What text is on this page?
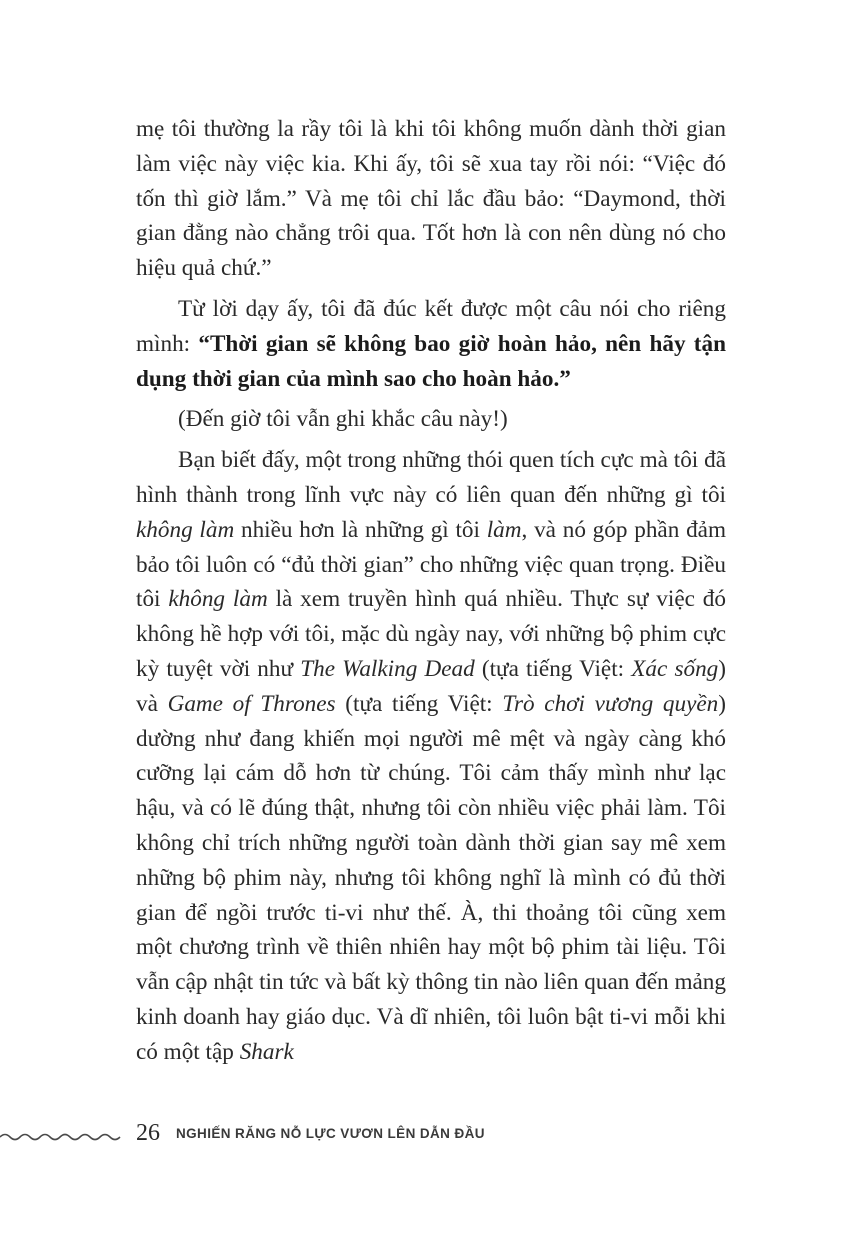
mẹ tôi thường la rầy tôi là khi tôi không muốn dành thời gian làm việc này việc kia. Khi ấy, tôi sẽ xua tay rồi nói: “Việc đó tốn thì giờ lắm.” Và mẹ tôi chỉ lắc đầu bảo: “Daymond, thời gian đằng nào chẳng trôi qua. Tốt hơn là con nên dùng nó cho hiệu quả chứ.”

Từ lời dạy ấy, tôi đã đúc kết được một câu nói cho riêng mình: “Thời gian sẽ không bao giờ hoàn hảo, nên hãy tận dụng thời gian của mình sao cho hoàn hảo.”

(Đến giờ tôi vẫn ghi khắc câu này!)

Bạn biết đấy, một trong những thói quen tích cực mà tôi đã hình thành trong lĩnh vực này có liên quan đến những gì tôi không làm nhiều hơn là những gì tôi làm, và nó góp phần đảm bảo tôi luôn có “đủ thời gian” cho những việc quan trọng. Điều tôi không làm là xem truyền hình quá nhiều. Thực sự việc đó không hề hợp với tôi, mặc dù ngày nay, với những bộ phim cực kỳ tuyệt vời như The Walking Dead (tựa tiếng Việt: Xác sống) và Game of Thrones (tựa tiếng Việt: Trò chơi vương quyền) dường như đang khiến mọi người mê mệt và ngày càng khó cưỡng lại cám dỗ hơn từ chúng. Tôi cảm thấy mình như lạc hậu, và có lẽ đúng thật, nhưng tôi còn nhiều việc phải làm. Tôi không chỉ trích những người toàn dành thời gian say mê xem những bộ phim này, nhưng tôi không nghĩ là mình có đủ thời gian để ngồi trước ti-vi như thế. À, thi thoảng tôi cũng xem một chương trình về thiên nhiên hay một bộ phim tài liệu. Tôi vẫn cập nhật tin tức và bất kỳ thông tin nào liên quan đến mảng kinh doanh hay giáo dục. Và dĩ nhiên, tôi luôn bật ti-vi mỗi khi có một tập Shark

26 NGHIẾN RĂNG NỖ LỰC VƯƠN LÊN DẪN ĐẦU
